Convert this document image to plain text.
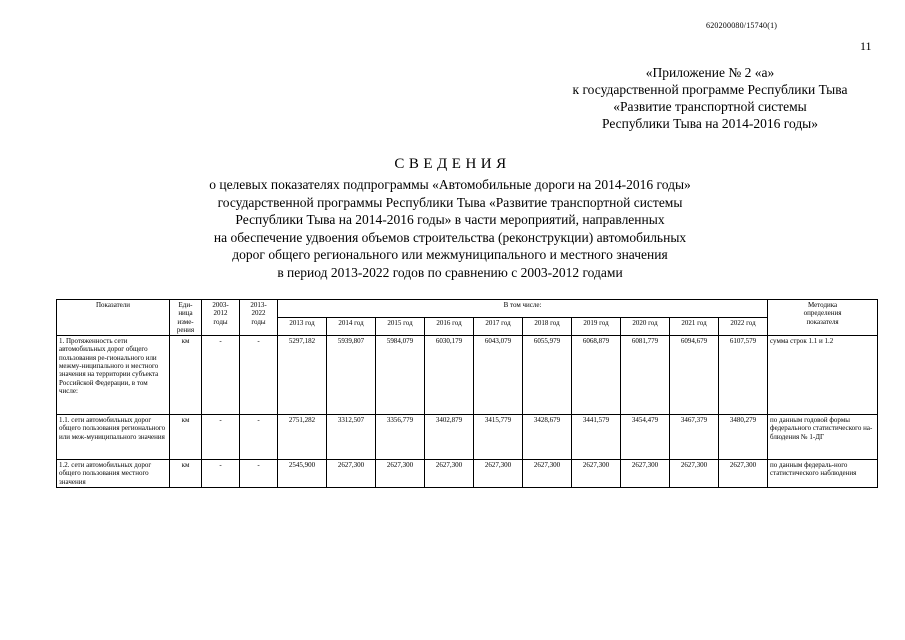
620200080/15740(1)
11
«Приложение № 2 «а»
к государственной программе Республики Тыва
«Развитие транспортной системы
Республики Тыва на 2014-2016 годы»
СВЕДЕНИЯ
о целевых показателях подпрограммы «Автомобильные дороги на 2014-2016 годы»
государственной программы Республики Тыва «Развитие транспортной системы
Республики Тыва на 2014-2016 годы» в части мероприятий, направленных
на обеспечение удвоения объемов строительства (реконструкции) автомобильных
дорог общего регионального или межмуниципального и местного значения
в период 2013-2022 годов по сравнению с 2003-2012 годами
Показатели	Еди-
ница
изме-
рения	2003-
2012
годы	2013-
2022
годы	В том числе:										Методика
определения
показателя
				2013 год	2014 год	2015 год	2016 год	2017 год	2018 год	2019 год	2020 год	2021 год	2022 год	
1. Протяженность сети автомобильных дорог общего пользования ре-гионального или межму-ниципального и местного значения на территории субъекта Российской Федерации, в том числе:	км	-	-	5297,182	5939,807	5984,079	6030,179	6043,079	6055,979	6068,879	6081,779	6094,679	6107,579	сумма строк 1.1 и 1.2
1.1. сети автомобильных дорог общего пользования регионального или меж-муниципального значения	км	-	-	2751,282	3312,507	3356,779	3402,879	3415,779	3428,679	3441,579	3454,479	3467,379	3480,279	по данным годовой формы федерального статистического на-блюдения № 1-ДГ
1.2. сети автомобильных дорог общего пользования местного значения	км	-	-	2545,900	2627,300	2627,300	2627,300	2627,300	2627,300	2627,300	2627,300	2627,300	2627,300	по данным федераль-ного статистического наблюдения
